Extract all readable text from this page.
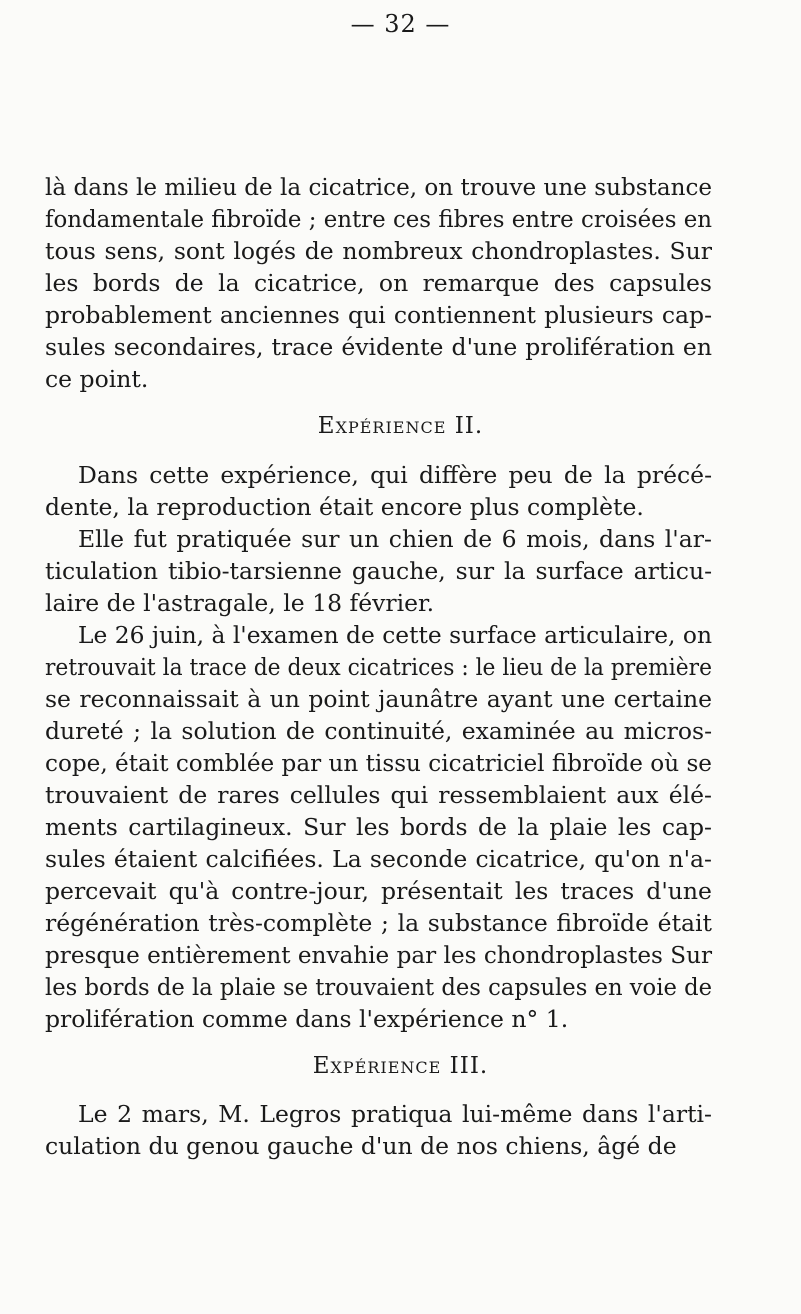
— 32 —
là dans le milieu de la cicatrice, on trouve une substance
fondamentale fibroïde ; entre ces fibres entre croisées en
tous sens, sont logés de nombreux chondroplastes. Sur
les bords de la cicatrice, on remarque des capsules
probablement anciennes qui contiennent plusieurs cap-
sules secondaires, trace évidente d'une prolifération en
ce point.
Expérience II.
Dans cette expérience, qui diffère peu de la précé-
dente, la reproduction était encore plus complète.
Elle fut pratiquée sur un chien de 6 mois, dans l'ar-
ticulation tibio-tarsienne gauche, sur la surface articu-
laire de l'astragale, le 18 février.
Le 26 juin, à l'examen de cette surface articulaire, on
retrouvait la trace de deux cicatrices : le lieu de la première
se reconnaissait à un point jaunâtre ayant une certaine
dureté ; la solution de continuité, examinée au micros-
cope, était comblée par un tissu cicatriciel fibroïde où se
trouvaient de rares cellules qui ressemblaient aux élé-
ments cartilagineux. Sur les bords de la plaie les cap-
sules étaient calcifiées. La seconde cicatrice, qu'on n'a-
percevait qu'à contre-jour, présentait les traces d'une
régénération très-complète ; la substance fibroïde était
presque entièrement envahie par les chondroplastes Sur
les bords de la plaie se trouvaient des capsules en voie de
prolifération comme dans l'expérience n° 1.
Expérience III.
Le 2 mars, M. Legros pratiqua lui-même dans l'arti-
culation du genou gauche d'un de nos chiens, âgé de
